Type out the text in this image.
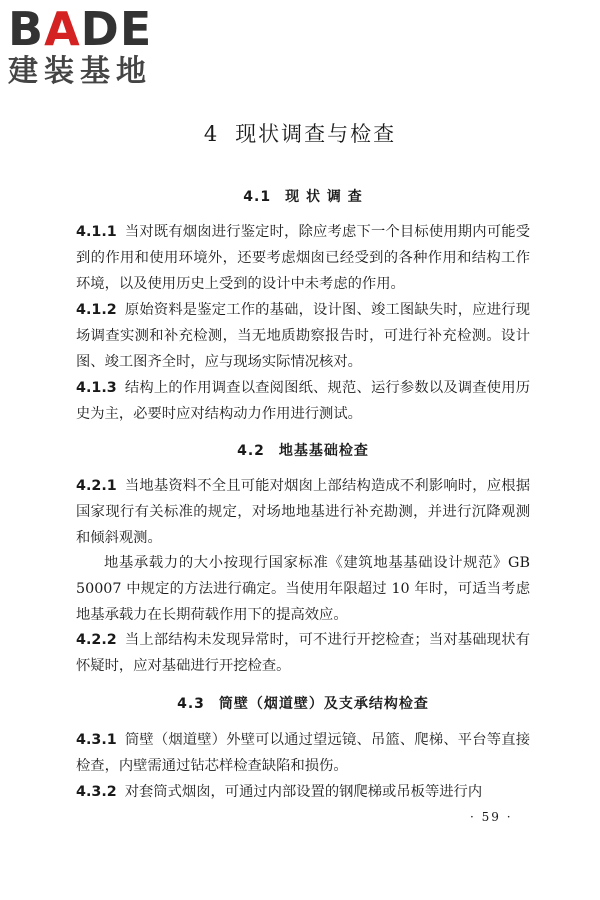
BADE
建装基地
4 现状调查与检查
4.1 现 状 调 查
4.1.1 当对既有烟囱进行鉴定时，除应考虑下一个目标使用期内可能受到的作用和使用环境外，还要考虑烟囱已经受到的各种作用和结构工作环境，以及使用历史上受到的设计中未考虑的作用。
4.1.2 原始资料是鉴定工作的基础，设计图、竣工图缺失时，应进行现场调查实测和补充检测，当无地质勘察报告时，可进行补充检测。设计图、竣工图齐全时，应与现场实际情况核对。
4.1.3 结构上的作用调查以查阅图纸、规范、运行参数以及调查使用历史为主，必要时应对结构动力作用进行测试。
4.2 地基基础检查
4.2.1 当地基资料不全且可能对烟囱上部结构造成不利影响时，应根据国家现行有关标准的规定，对场地地基进行补充勘测，并进行沉降观测和倾斜观测。
地基承载力的大小按现行国家标准《建筑地基基础设计规范》GB 50007 中规定的方法进行确定。当使用年限超过 10 年时，可适当考虑地基承载力在长期荷载作用下的提高效应。
4.2.2 当上部结构未发现异常时，可不进行开挖检查；当对基础现状有怀疑时，应对基础进行开挖检查。
4.3 筒壁（烟道壁）及支承结构检查
4.3.1 筒壁（烟道壁）外壁可以通过望远镜、吊篮、爬梯、平台等直接检查，内壁需通过钻芯样检查缺陷和损伤。
4.3.2 对套筒式烟囱，可通过内部设置的钢爬梯或吊板等进行内
· 59 ·
